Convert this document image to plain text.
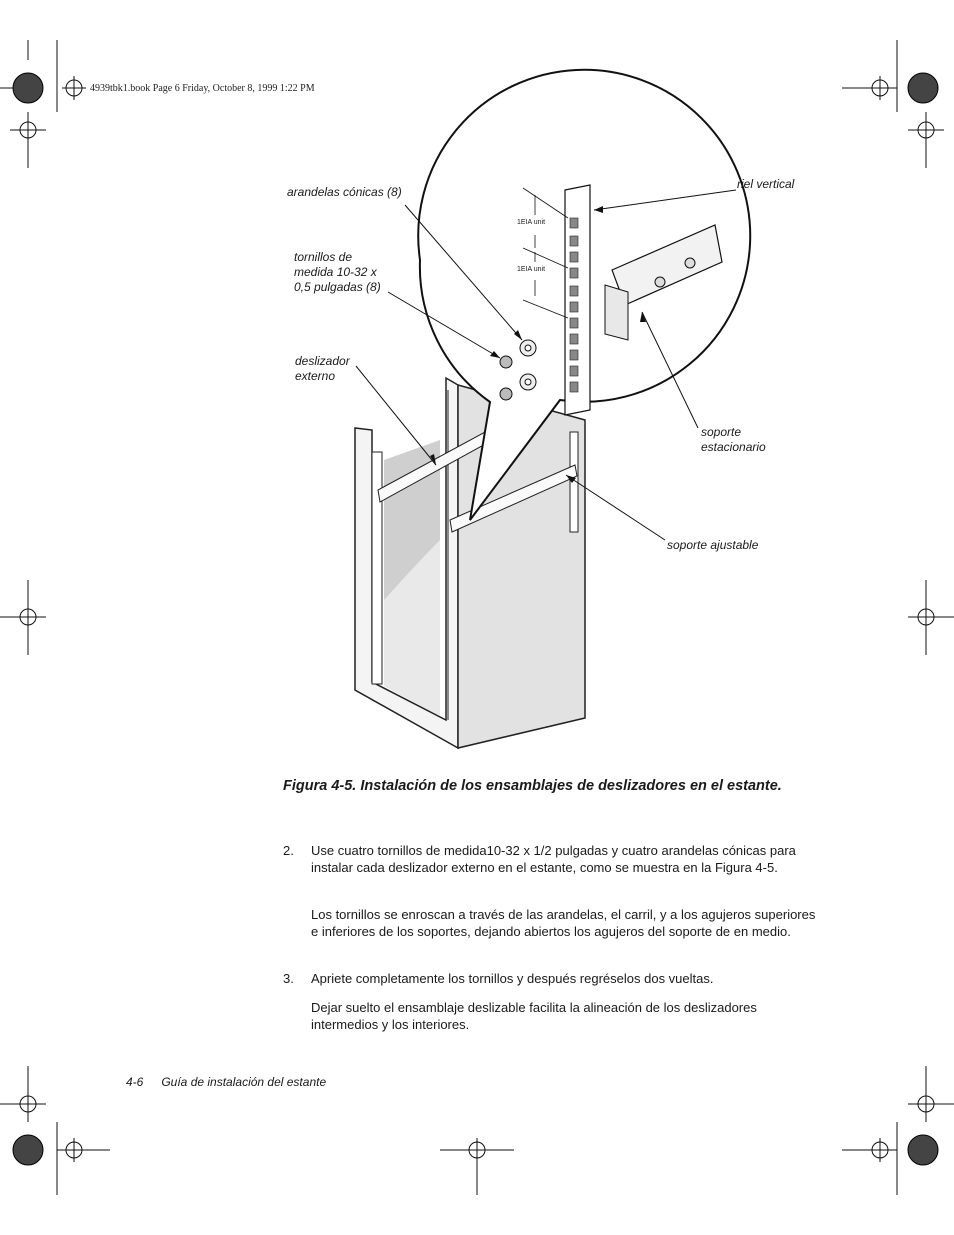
4939tbk1.book Page 6 Friday, October 8, 1999 1:22 PM
arandelas cónicas (8)
tornillos de
medida 10-32 x
0,5 pulgadas (8)
deslizador
externo
riel vertical
soporte
estacionario
soporte ajustable
1EIA unit
1EIA unit
Figura 4-5. Instalación de los ensamblajes de deslizadores en el estante.
2. Use cuatro tornillos de medida10-32 x 1/2 pulgadas y cuatro arandelas cónicas para instalar cada deslizador externo en el estante, como se muestra en la Figura 4-5.
Los tornillos se enroscan a través de las arandelas, el carril, y a los agujeros superiores e inferiores de los soportes, dejando abiertos los agujeros del soporte de en medio.
3. Apriete completamente los tornillos y después regréselos dos vueltas.
Dejar suelto el ensamblaje deslizable facilita la alineación de los deslizadores intermedios y los interiores.
4-6 Guía de instalación del estante
